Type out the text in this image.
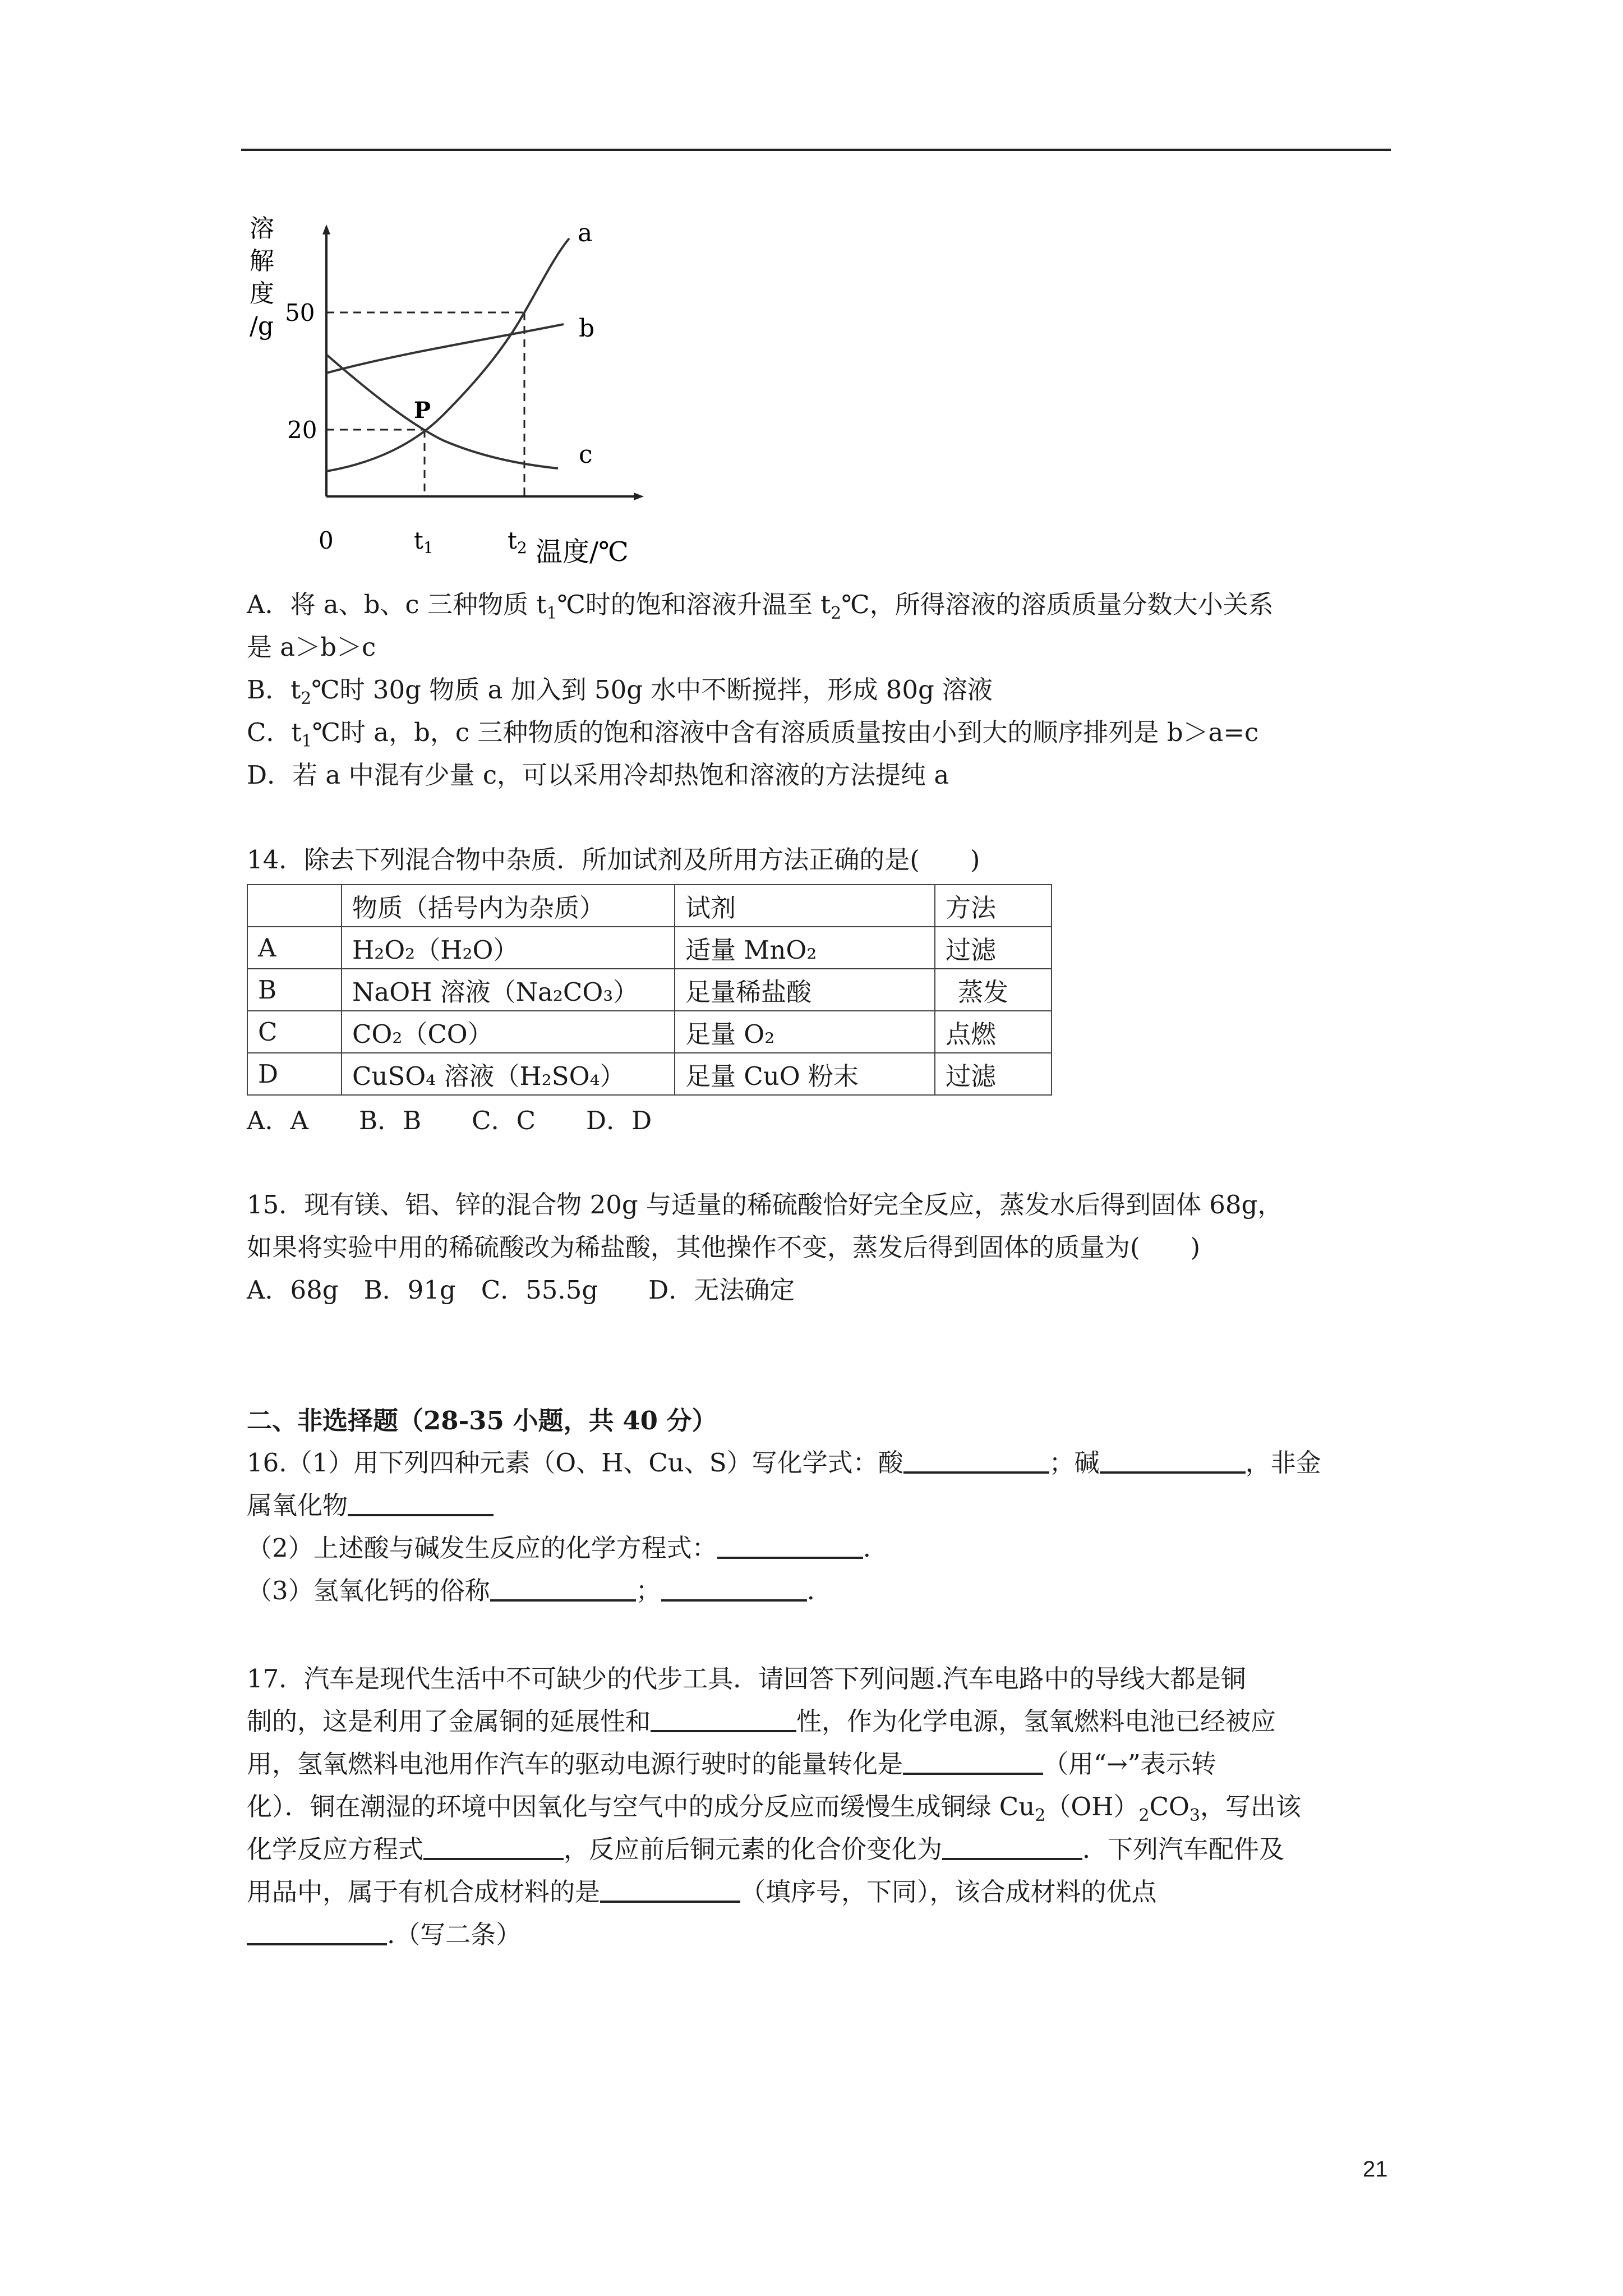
溶
解
度
/g 50
20
0	t1	t2 温度/℃
P
a
b
c
A．将 a、b、c 三种物质 $t_1℃$时的饱和溶液升温至 $t_2℃$，所得溶液的溶质质量分数大小关系
是 a＞b＞c
B．$t_2℃$时 30g 物质 a 加入到 50g 水中不断搅拌，形成 80g 溶液
C．$t_1℃$时 a，b，c 三种物质的饱和溶液中含有溶质质量按由小到大的顺序排列是 b＞a=c
D．若 a 中混有少量 c，可以采用冷却热饱和溶液的方法提纯 a
14．除去下列混合物中杂质．所加试剂及所用方法正确的是(　　)
	物质（括号内为杂质）	试剂	方法
A	H₂O₂（H₂O）	适量 MnO₂	过滤
B	NaOH 溶液（Na₂CO₃）	足量稀盐酸	蒸发
C	CO₂（CO）	足量 O₂	点燃
D	CuSO₄ 溶液（H₂SO₄）	足量 CuO 粉末	过滤
A．A　　B．B　　C．C　　D．D
15．现有镁、铝、锌的混合物 20g 与适量的稀硫酸恰好完全反应，蒸发水后得到固体 68g，
如果将实验中用的稀硫酸改为稀盐酸，其他操作不变，蒸发后得到固体的质量为(　　)
A．68g　B．91g　C．55.5g　　D．无法确定
二、非选择题（28-35 小题，共 40 分）
16.（1）用下列四种元素（O、H、Cu、S）写化学式：酸	；碱	，非金
属氧化物
（2）上述酸与碱发生反应的化学方程式：	.
（3）氢氧化钙的俗称	；	.
17．汽车是现代生活中不可缺少的代步工具．请回答下列问题.汽车电路中的导线大都是铜
制的，这是利用了金属铜的延展性和	性，作为化学电源，氢氧燃料电池已经被应
用，氢氧燃料电池用作汽车的驱动电源行驶时的能量转化是	（用“→”表示转
化）．铜在潮湿的环境中因氧化与空气中的成分反应而缓慢生成铜绿 $Cu_2(OH)_2CO_3$，写出该
化学反应方程式	，反应前后铜元素的化合价变化为	．下列汽车配件及
用品中，属于有机合成材料的是	（填序号，下同），该合成材料的优点
.（写二条）
21
